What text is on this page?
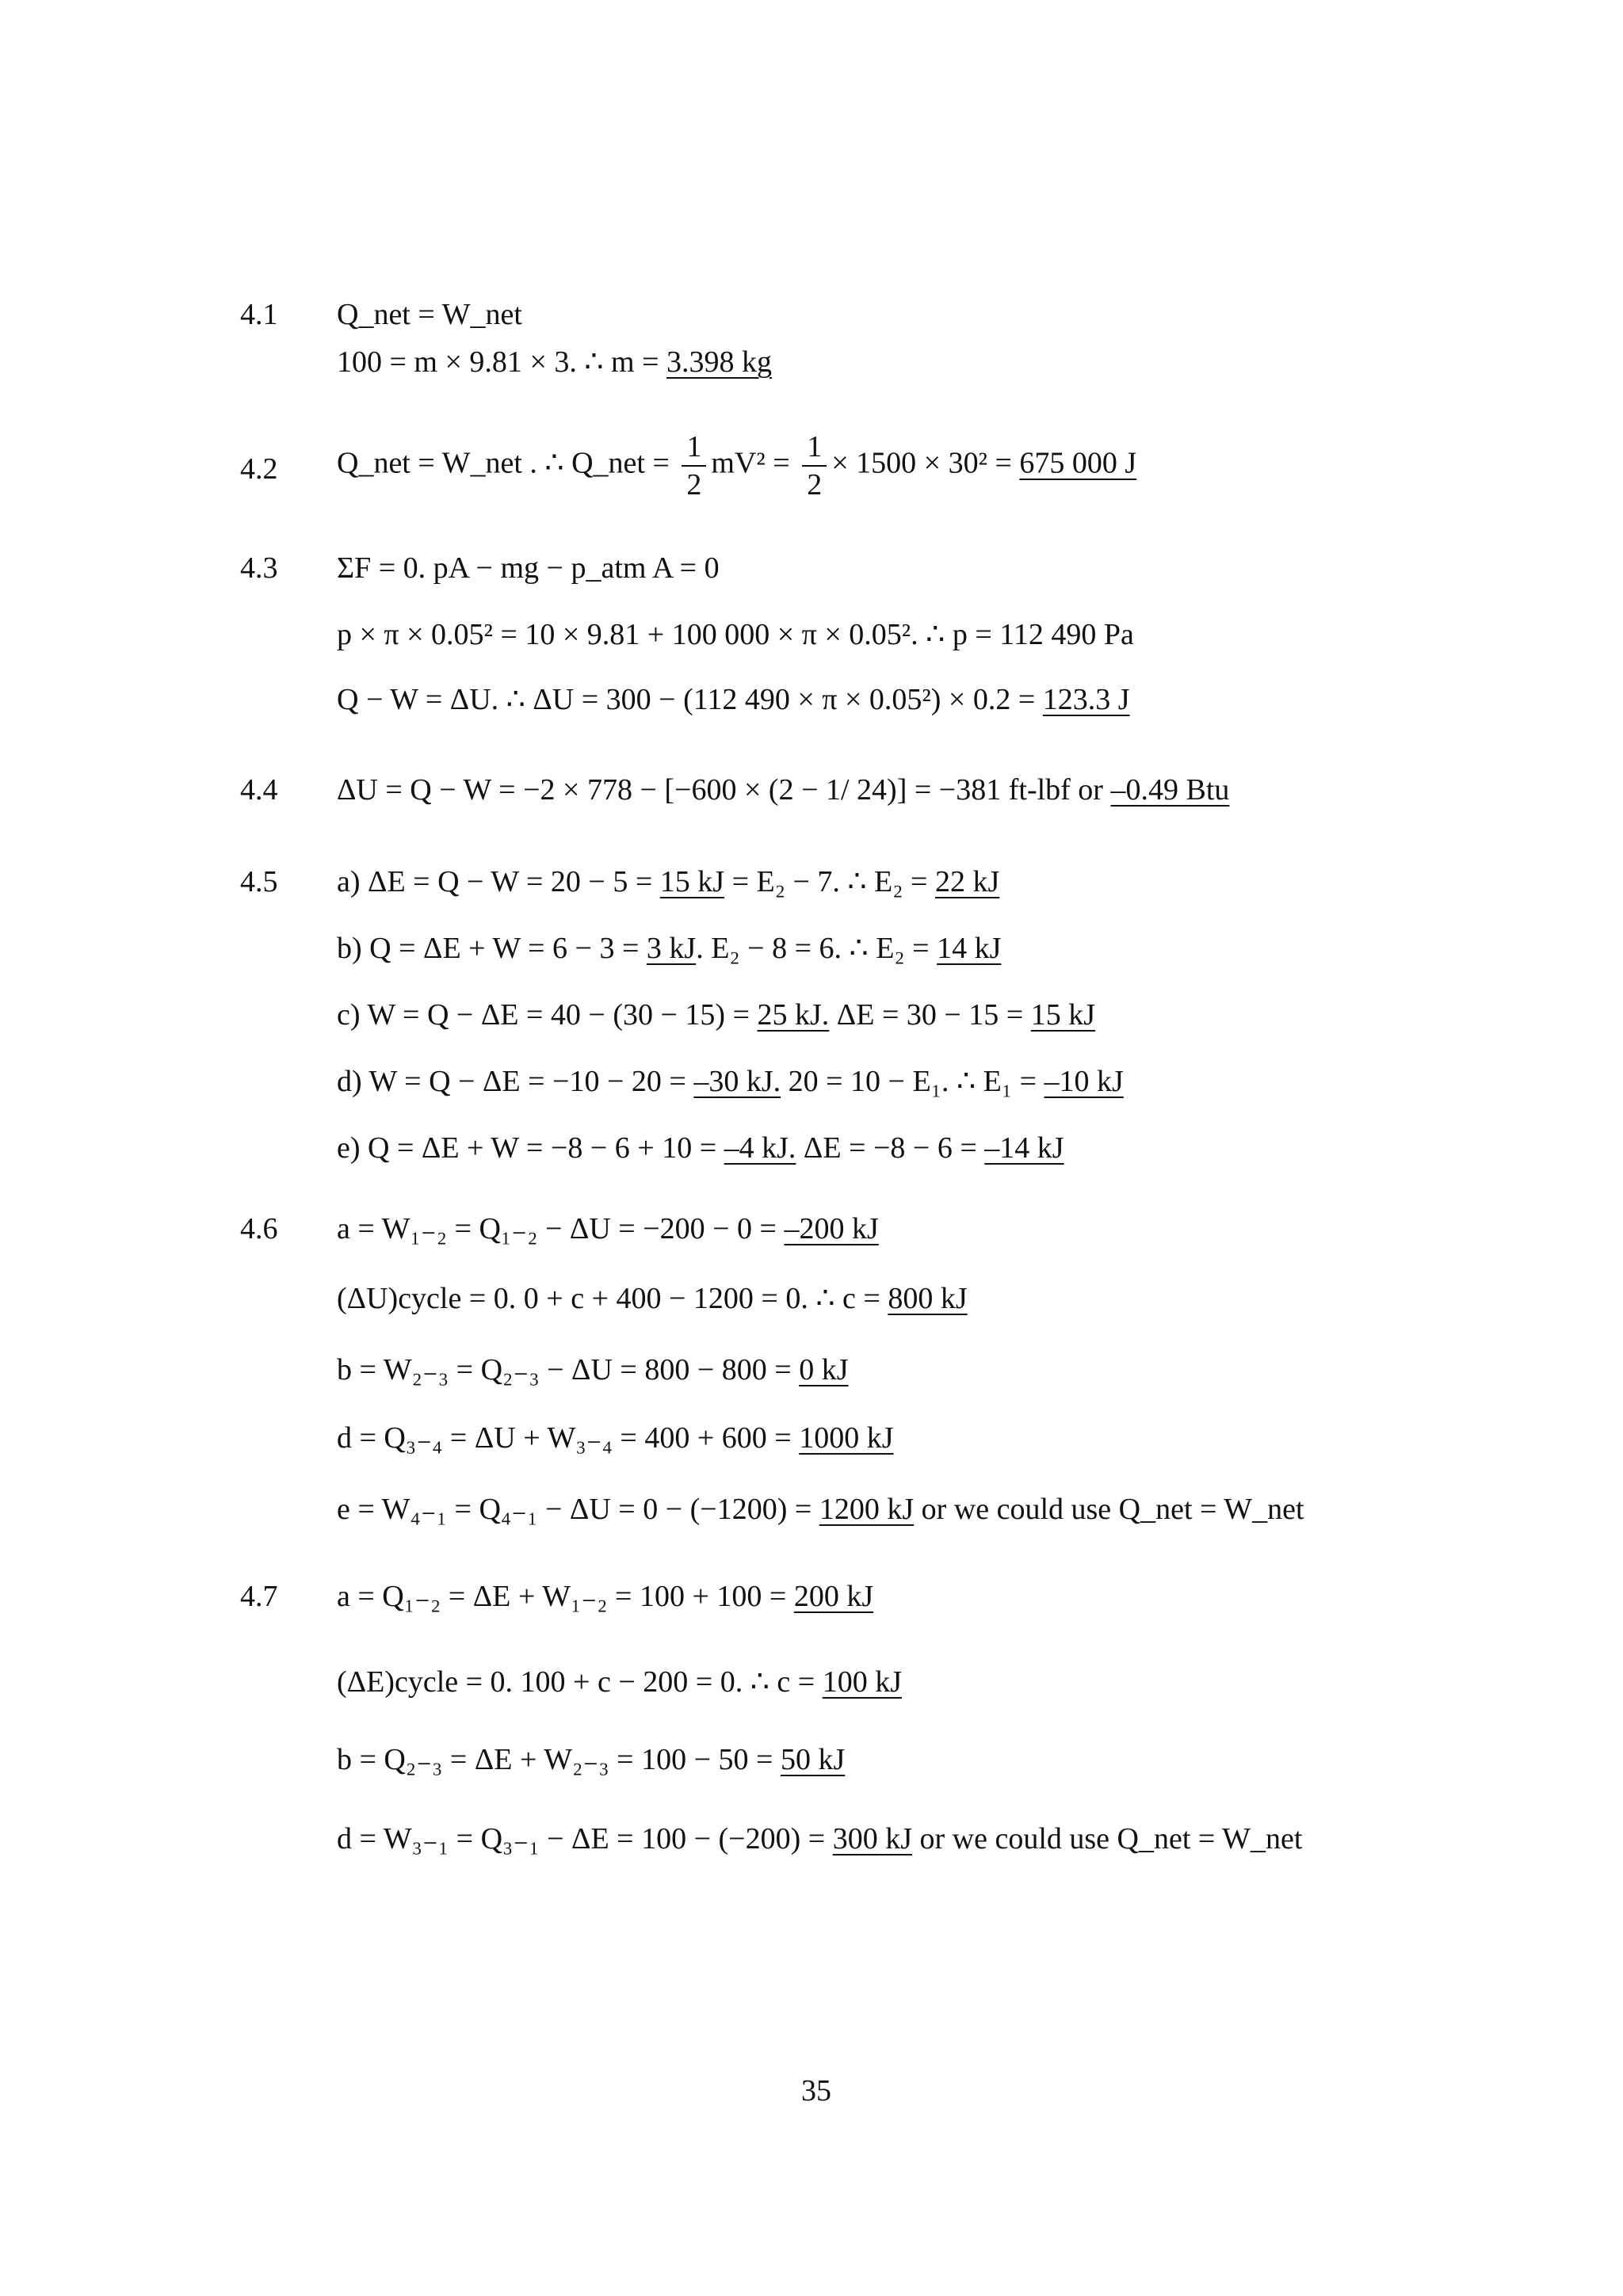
4.1 Q_net = W_net
100 = m × 9.81 × 3. ∴ m = 3.398 kg
4.2 Q_net = W_net . ∴ Q_net = $\frac{1}{2} mV^2 = \frac{1}{2} \times 1500 \times 30^2 = 675$ 000 J
4.3 ΣF = 0. pA − mg − p_atm A = 0
p × π × 0.05² = 10 × 9.81 + 100 000 × π × 0.05². ∴ p = 112 490 Pa
Q − W = ΔU. ∴ ΔU = 300 − (112 490 × π × 0.05²) × 0.2 = 123.3 J
4.4 ΔU = Q − W = −2 × 778 − [−600 × (2 − 1/ 24)] = −381 ft-lbf or –0.49 Btu
4.5 a) ΔE = Q − W = 20 − 5 = 15 kJ = E₂ − 7. ∴ E₂ = 22 kJ
b) Q = ΔE + W = 6 − 3 = 3 kJ. E₂ − 8 = 6. ∴ E₂ = 14 kJ
c) W = Q − ΔE = 40 − (30 − 15) = 25 kJ. ΔE = 30 − 15 = 15 kJ
d) W = Q − ΔE = −10 − 20 = –30 kJ. 20 = 10 − E₁. ∴ E₁ = –10 kJ
e) Q = ΔE + W = −8 − 6 + 10 = –4 kJ. ΔE = −8 − 6 = –14 kJ
4.6 a = W₁₋₂ = Q₁₋₂ − ΔU = −200 − 0 = –200 kJ
(ΔU)cycle = 0. 0 + c + 400 − 1200 = 0. ∴ c = 800 kJ
b = W₂₋₃ = Q₂₋₃ − ΔU = 800 − 800 = 0 kJ
d = Q₃₋₄ = ΔU + W₃₋₄ = 400 + 600 = 1000 kJ
e = W₄₋₁ = Q₄₋₁ − ΔU = 0 − (−1200) = 1200 kJ or we could use Q_net = W_net
4.7 a = Q₁₋₂ = ΔE + W₁₋₂ = 100 + 100 = 200 kJ
(ΔE)cycle = 0. 100 + c − 200 = 0. ∴ c = 100 kJ
b = Q₂₋₃ = ΔE + W₂₋₃ = 100 − 50 = 50 kJ
d = W₃₋₁ = Q₃₋₁ − ΔE = 100 − (−200) = 300 kJ or we could use Q_net = W_net
35
